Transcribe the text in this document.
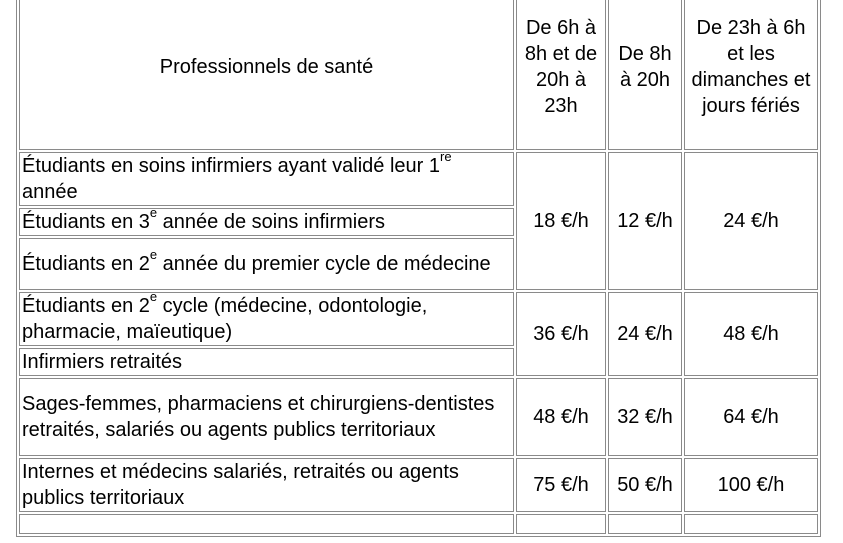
Professionnels de santé	De 6h à 8h et de 20h à 23h	De 8h à 20h	De 23h à 6h et les dimanches et jours fériés
Étudiants en soins infirmiers ayant validé leur 1re année	18 €/h	12 €/h	24 €/h
Étudiants en 3e année de soins infirmiers			
Étudiants en 2e année du premier cycle de médecine			
Étudiants en 2e cycle (médecine, odontologie, pharmacie, maïeutique)	36 €/h	24 €/h	48 €/h
Infirmiers retraités			
Sages-femmes, pharmaciens et chirurgiens-dentistes retraités, salariés ou agents publics territoriaux	48 €/h	32 €/h	64 €/h
Internes et médecins salariés, retraités ou agents publics territoriaux	75 €/h	50 €/h	100 €/h
